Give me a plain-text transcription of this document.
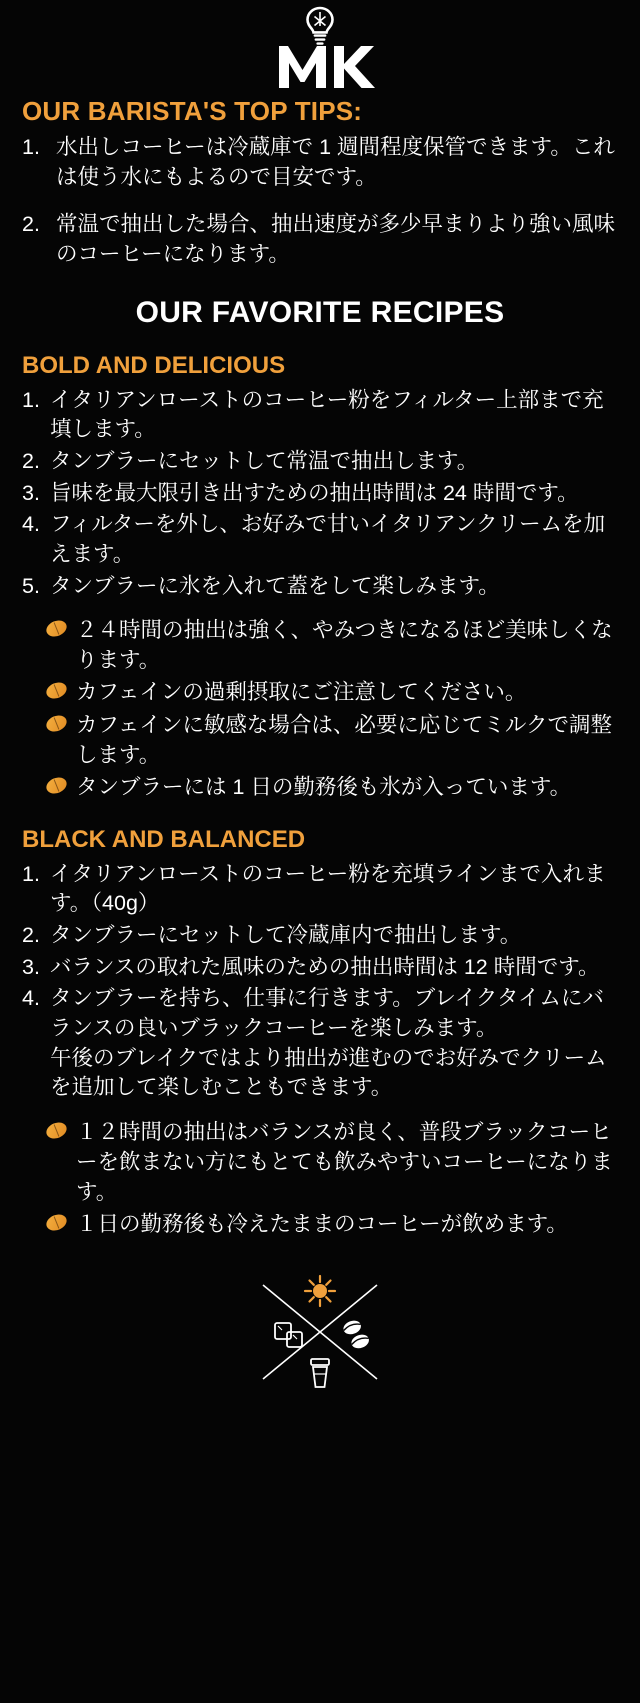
OUR BARISTA'S TOP TIPS:
1. 水出しコーヒーは冷蔵庫で 1 週間程度保管できます。これは使う水にもよるので目安です。
2. 常温で抽出した場合、抽出速度が多少早まりより強い風味のコーヒーになります。
OUR FAVORITE RECIPES
BOLD AND DELICIOUS
1. イタリアンローストのコーヒー粉をフィルター上部まで充填します。
2. タンブラーにセットして常温で抽出します。
3. 旨味を最大限引き出すための抽出時間は 24 時間です。
4. フィルターを外し、お好みで甘いイタリアンクリームを加えます。
5. タンブラーに氷を入れて蓋をして楽しみます。
２４時間の抽出は強く、やみつきになるほど美味しくなります。
カフェインの過剰摂取にご注意してください。
カフェインに敏感な場合は、必要に応じてミルクで調整します。
タンブラーには 1 日の勤務後も氷が入っています。
BLACK AND BALANCED
1. イタリアンローストのコーヒー粉を充填ラインまで入れます。（40g）
2. タンブラーにセットして冷蔵庫内で抽出します。
3. バランスの取れた風味のための抽出時間は 12 時間です。
4. タンブラーを持ち、仕事に行きます。ブレイクタイムにバランスの良いブラックコーヒーを楽しみます。
午後のブレイクではより抽出が進むのでお好みでクリームを追加して楽しむこともできます。
１２時間の抽出はバランスが良く、普段ブラックコーヒーを飲まない方にもとても飲みやすいコーヒーになります。
１日の勤務後も冷えたままのコーヒーが飲めます。
